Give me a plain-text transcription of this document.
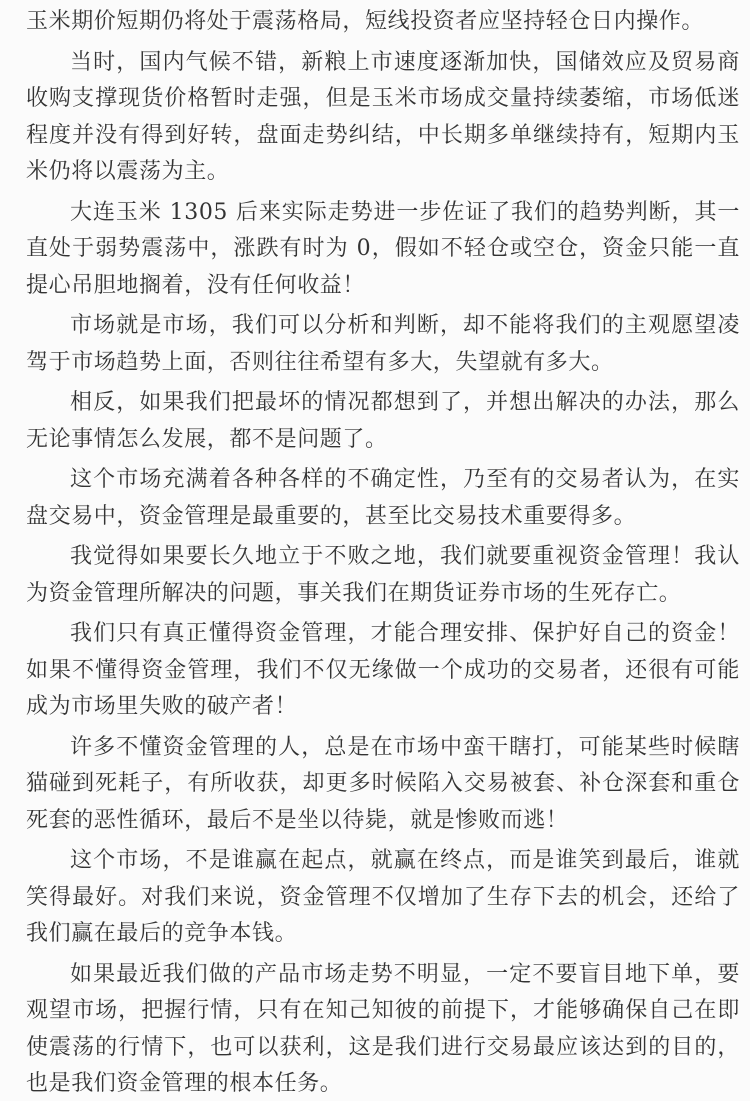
玉米期价短期仍将处于震荡格局，短线投资者应坚持轻仓日内操作。

当时，国内气候不错，新粮上市速度逐渐加快，国储效应及贸易商收购支撑现货价格暂时走强，但是玉米市场成交量持续萎缩，市场低迷程度并没有得到好转，盘面走势纠结，中长期多单继续持有，短期内玉米仍将以震荡为主。

大连玉米 1305 后来实际走势进一步佐证了我们的趋势判断，其一直处于弱势震荡中，涨跌有时为 0，假如不轻仓或空仓，资金只能一直提心吊胆地搁着，没有任何收益！

市场就是市场，我们可以分析和判断，却不能将我们的主观愿望凌驾于市场趋势上面，否则往往希望有多大，失望就有多大。

相反，如果我们把最坏的情况都想到了，并想出解决的办法，那么无论事情怎么发展，都不是问题了。

这个市场充满着各种各样的不确定性，乃至有的交易者认为，在实盘交易中，资金管理是最重要的，甚至比交易技术重要得多。

我觉得如果要长久地立于不败之地，我们就要重视资金管理！我认为资金管理所解决的问题，事关我们在期货证券市场的生死存亡。

我们只有真正懂得资金管理，才能合理安排、保护好自己的资金！如果不懂得资金管理，我们不仅无缘做一个成功的交易者，还很有可能成为市场里失败的破产者！

许多不懂资金管理的人，总是在市场中蛮干瞎打，可能某些时候瞎猫碰到死耗子，有所收获，却更多时候陷入交易被套、补仓深套和重仓死套的恶性循环，最后不是坐以待毙，就是惨败而逃！

这个市场，不是谁赢在起点，就赢在终点，而是谁笑到最后，谁就笑得最好。对我们来说，资金管理不仅增加了生存下去的机会，还给了我们赢在最后的竞争本钱。

如果最近我们做的产品市场走势不明显，一定不要盲目地下单，要观望市场，把握行情，只有在知己知彼的前提下，才能够确保自己在即使震荡的行情下，也可以获利，这是我们进行交易最应该达到的目的，也是我们资金管理的根本任务。
